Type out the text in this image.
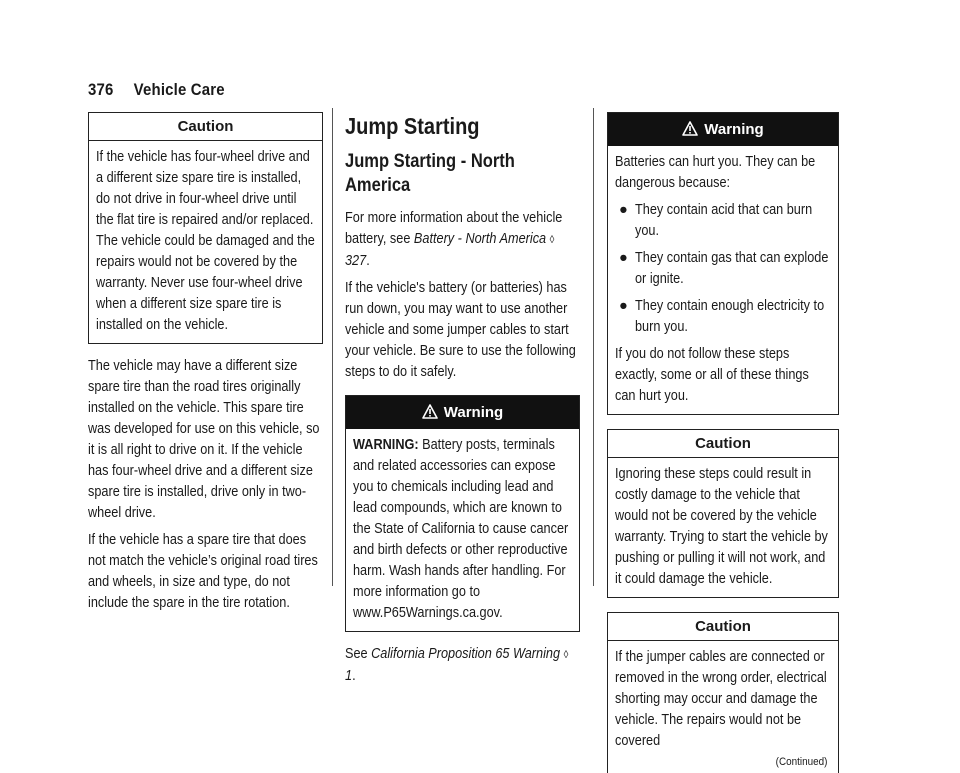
376 Vehicle Care
Caution
If the vehicle has four-wheel drive and a different size spare tire is installed, do not drive in four-wheel drive until the flat tire is repaired and/or replaced. The vehicle could be damaged and the repairs would not be covered by the warranty. Never use four-wheel drive when a different size spare tire is installed on the vehicle.

The vehicle may have a different size spare tire than the road tires originally installed on the vehicle. This spare tire was developed for use on this vehicle, so it is all right to drive on it. If the vehicle has four-wheel drive and a different size spare tire is installed, drive only in two-wheel drive.

If the vehicle has a spare tire that does not match the vehicle’s original road tires and wheels, in size and type, do not include the spare in the tire rotation.

Jump Starting
Jump Starting - North America

For more information about the vehicle battery, see Battery - North America ◊ 327.

If the vehicle's battery (or batteries) has run down, you may want to use another vehicle and some jumper cables to start your vehicle. Be sure to use the following steps to do it safely.

Warning
WARNING: Battery posts, terminals and related accessories can expose you to chemicals including lead and lead compounds, which are known to the State of California to cause cancer and birth defects or other reproductive harm. Wash hands after handling. For more information go to www.P65Warnings.ca.gov.

See California Proposition 65 Warning ◊ 1.

Warning

Batteries can hurt you. They can be dangerous because:

● They contain acid that can burn you.
● They contain gas that can explode or ignite.
● They contain enough electricity to burn you.

If you do not follow these steps exactly, some or all of these things can hurt you.

Caution
Ignoring these steps could result in costly damage to the vehicle that would not be covered by the vehicle warranty. Trying to start the vehicle by pushing or pulling it will not work, and it could damage the vehicle.
Caution
If the jumper cables are connected or removed in the wrong order, electrical shorting may occur and damage the vehicle. The repairs would not be covered
(Continued)
